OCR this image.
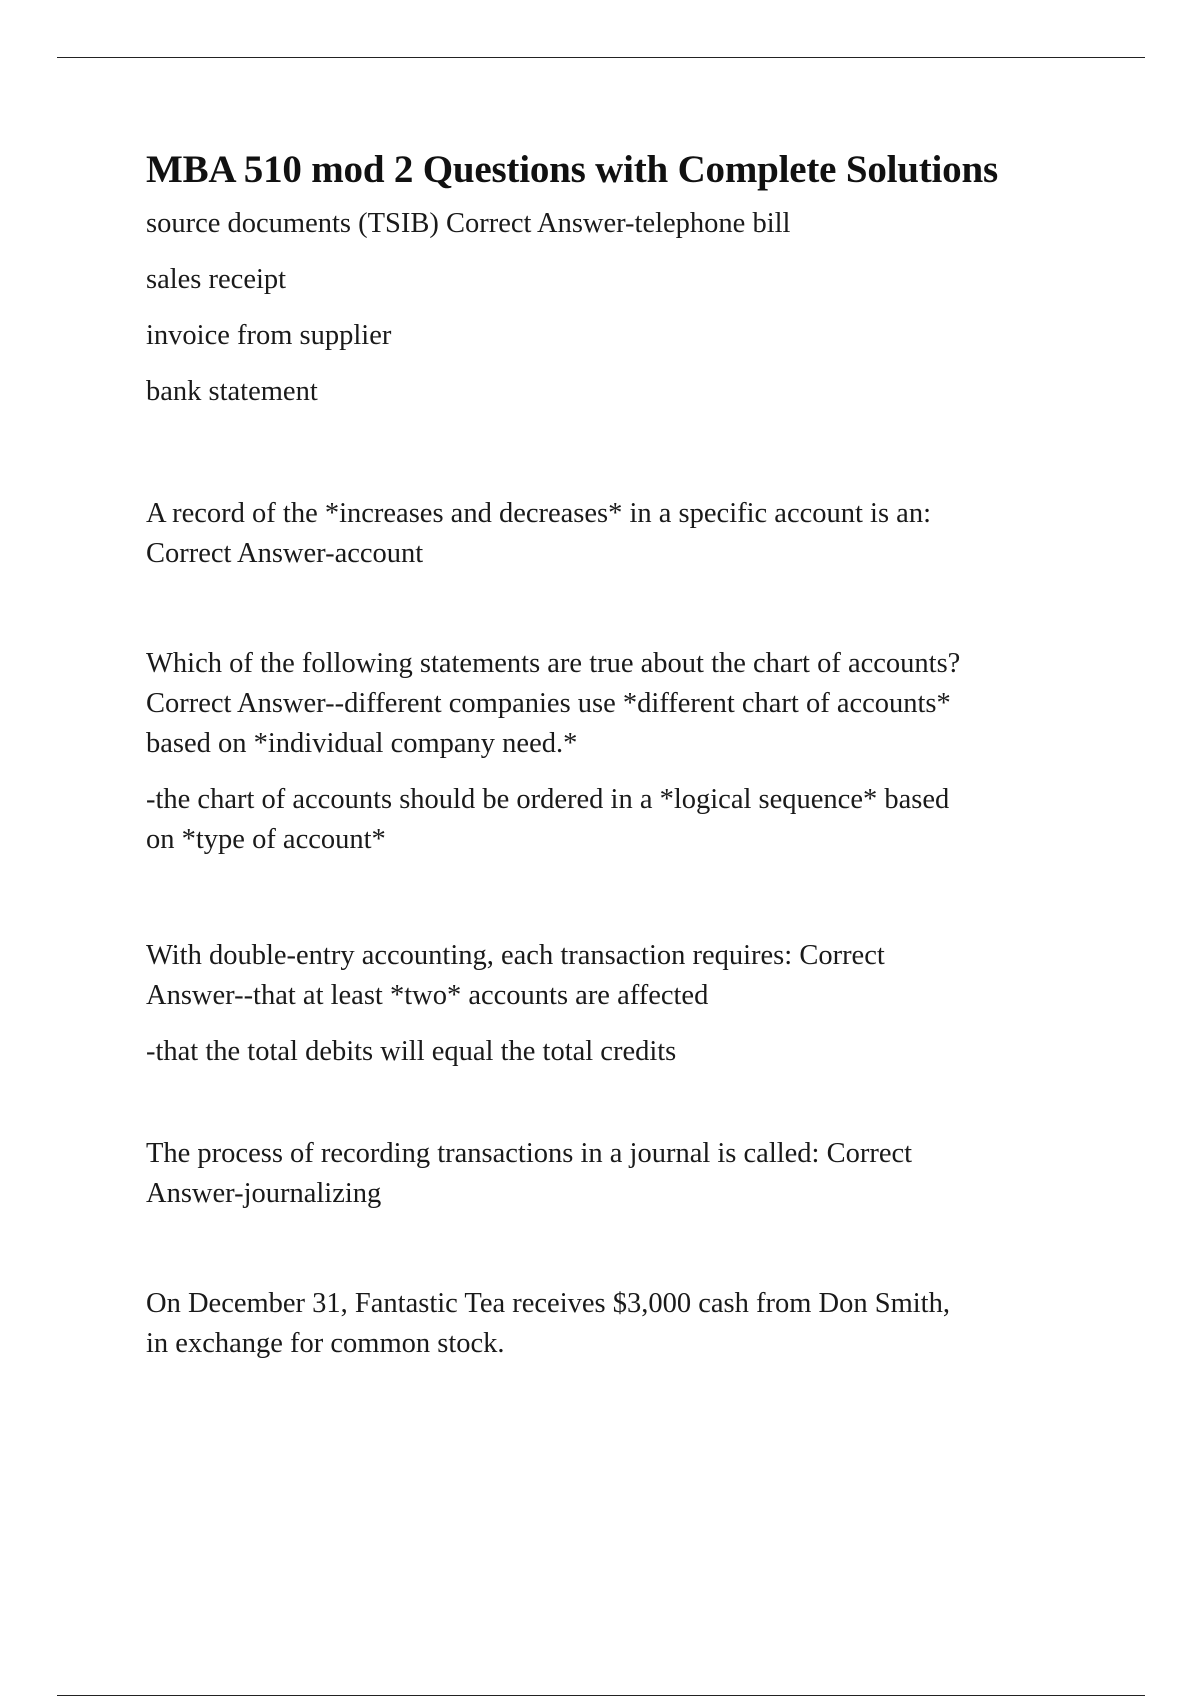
MBA 510 mod 2 Questions with Complete Solutions
source documents (TSIB) Correct Answer-telephone bill
sales receipt
invoice from supplier
bank statement
A record of the *increases and decreases* in a specific account is an:
Correct Answer-account
Which of the following statements are true about the chart of accounts?
Correct Answer--different companies use *different chart of accounts*
based on *individual company need.*
-the chart of accounts should be ordered in a *logical sequence* based
on *type of account*
With double-entry accounting, each transaction requires: Correct
Answer--that at least *two* accounts are affected
-that the total debits will equal the total credits
The process of recording transactions in a journal is called: Correct
Answer-journalizing
On December 31, Fantastic Tea receives $3,000 cash from Don Smith,
in exchange for common stock.
